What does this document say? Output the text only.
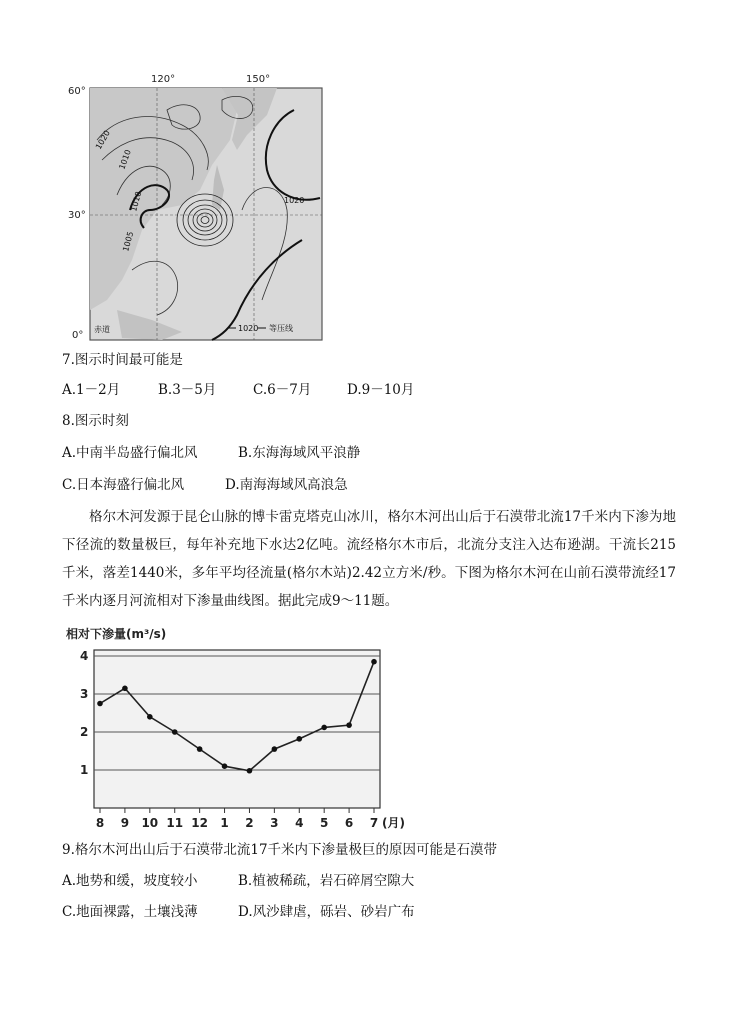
120°	150°
60°
30°
0°
1020
1010
1010
1005
1020
赤道	1020 等压线
7.图示时间最可能是
A.1－2月	B.3－5月	C.6－7月	D.9－10月
8.图示时刻
A.中南半岛盛行偏北风	B.东海海域风平浪静
C.日本海盛行偏北风	D.南海海域风高浪急
格尔木河发源于昆仑山脉的博卡雷克塔克山冰川，格尔木河出山后于石漠带北流17千米内下渗为地下径流的数量极巨，每年补充地下水达2亿吨。流经格尔木市后，北流分支注入达布逊湖。干流长215千米，落差1440米，多年平均径流量(格尔木站)2.42立方米/秒。下图为格尔木河在山前石漠带流经17千米内逐月河流相对下渗量曲线图。据此完成9～11题。
相对下渗量(m³/s)
1
2
3
4
8 9 10 11 12 1 2 3 4 5 6 7 (月)
9.格尔木河出山后于石漠带北流17千米内下渗量极巨的原因可能是石漠带
A.地势和缓，坡度较小	B.植被稀疏，岩石碎屑空隙大
C.地面裸露，土壤浅薄	D.风沙肆虐，砾岩、砂岩广布
